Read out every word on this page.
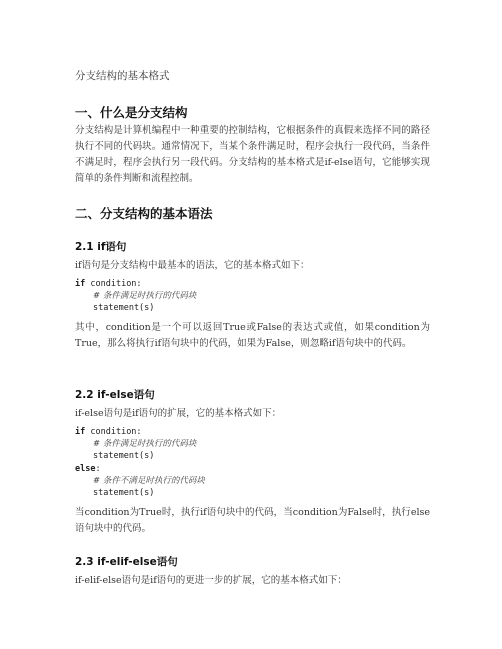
分支结构的基本格式
一、什么是分支结构
分支结构是计算机编程中一种重要的控制结构，它根据条件的真假来选择不同的路径执行不同的代码块。通常情况下，当某个条件满足时，程序会执行一段代码，当条件不满足时，程序会执行另一段代码。分支结构的基本格式是if-else语句，它能够实现简单的条件判断和流程控制。
二、分支结构的基本语法
2.1 if语句
if语句是分支结构中最基本的语法，它的基本格式如下：
if condition:
# 条件满足时执行的代码块
statement(s)
其中，condition是一个可以返回True或False的表达式或值，如果condition为True，那么将执行if语句块中的代码，如果为False，则忽略if语句块中的代码。
2.2 if-else语句
if-else语句是if语句的扩展，它的基本格式如下：
if condition:
# 条件满足时执行的代码块
statement(s)
else:
# 条件不满足时执行的代码块
statement(s)
当condition为True时，执行if语句块中的代码，当condition为False时，执行else语句块中的代码。
2.3 if-elif-else语句
if-elif-else语句是if语句的更进一步的扩展，它的基本格式如下：
